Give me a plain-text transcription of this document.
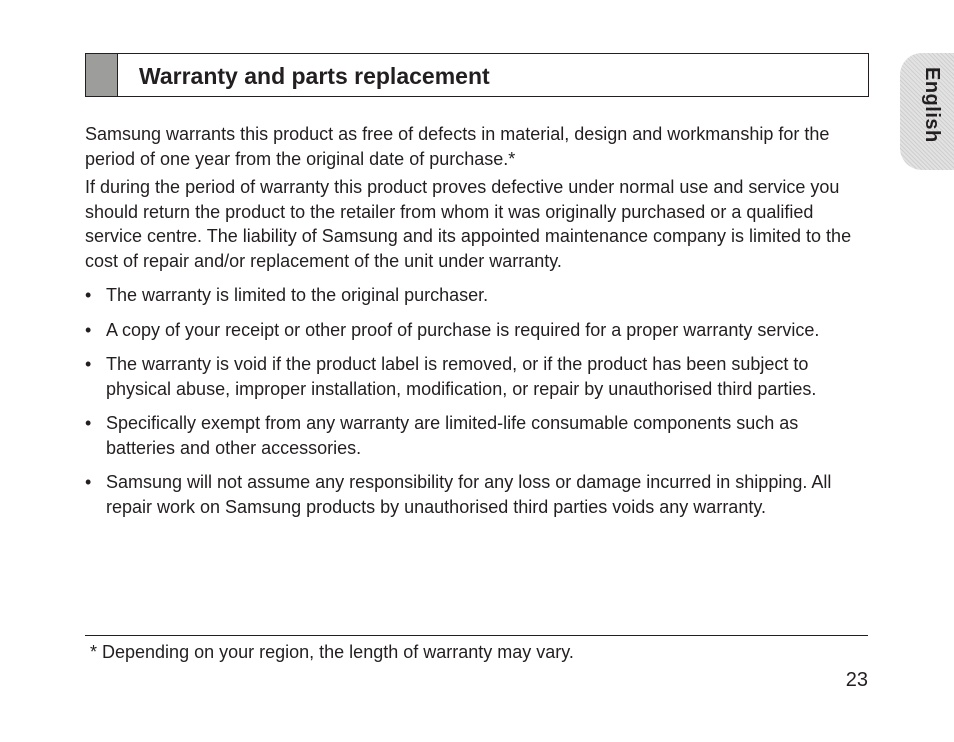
Warranty and parts replacement	English

Samsung warrants this product as free of defects in material, design and workmanship for the period of one year from the original date of purchase.*

If during the period of warranty this product proves defective under normal use and service you should return the product to the retailer from whom it was originally purchased or a qualified service centre. The liability of Samsung and its appointed maintenance company is limited to the cost of repair and/or replacement of the unit under warranty.

• The warranty is limited to the original purchaser.
• A copy of your receipt or other proof of purchase is required for a proper warranty service.
• The warranty is void if the product label is removed, or if the product has been subject to physical abuse, improper installation, modification, or repair by unauthorised third parties.
• Specifically exempt from any warranty are limited-life consumable components such as batteries and other accessories.
• Samsung will not assume any responsibility for any loss or damage incurred in shipping. All repair work on Samsung products by unauthorised third parties voids any warranty.
* Depending on your region, the length of warranty may vary.
23
